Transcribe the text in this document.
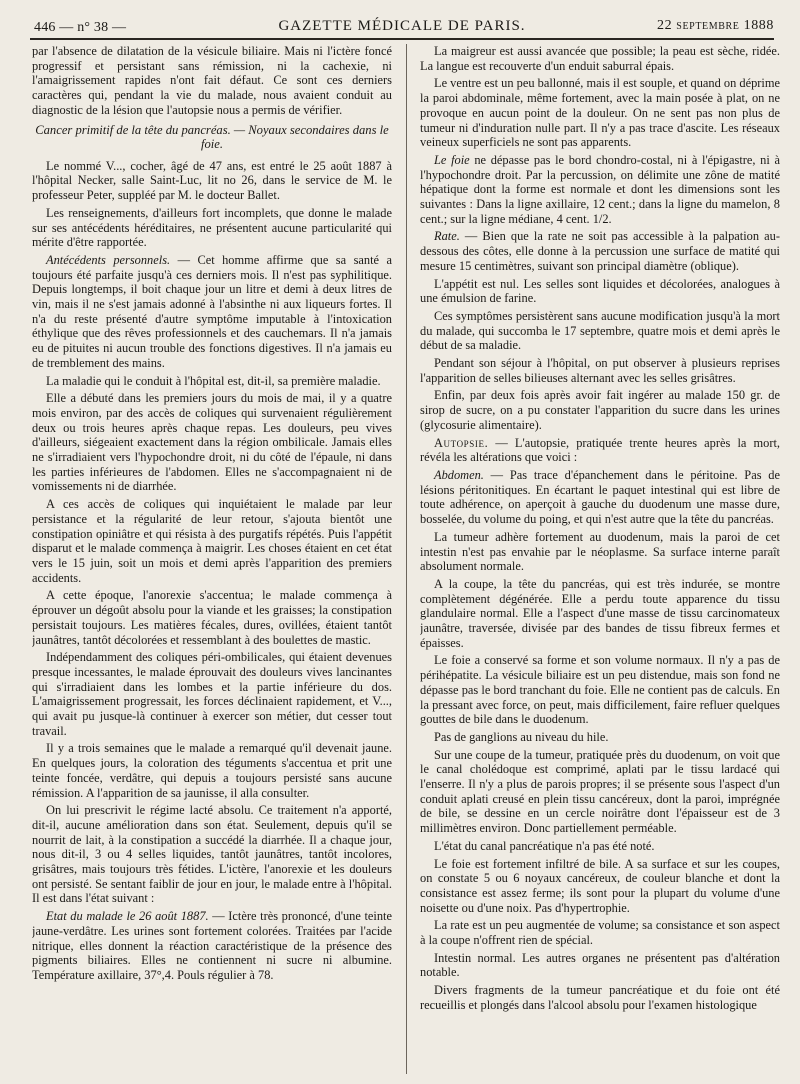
446 — n° 38 —	GAZETTE MÉDICALE DE PARIS.	22 septembre 1888

par l'absence de dilatation de la vésicule biliaire. Mais ni l'ictère foncé progressif et persistant sans rémission, ni la cachexie, ni l'amaigrissement rapides n'ont fait défaut. Ce sont ces derniers caractères qui, pendant la vie du malade, nous avaient conduit au diagnostic de la lésion que l'autopsie nous a permis de vérifier.

Cancer primitif de la tête du pancréas. — Noyaux secondaires dans le foie.

Le nommé V..., cocher, âgé de 47 ans, est entré le 25 août 1887 à l'hôpital Necker, salle Saint-Luc, lit no 26, dans le service de M. le professeur Peter, suppléé par M. le docteur Ballet.

Les renseignements, d'ailleurs fort incomplets, que donne le malade sur ses antécédents héréditaires, ne présentent aucune particularité qui mérite d'être rapportée.

Antécédents personnels. — Cet homme affirme que sa santé a toujours été parfaite jusqu'à ces derniers mois. Il n'est pas syphilitique. Depuis longtemps, il boit chaque jour un litre et demi à deux litres de vin, mais il ne s'est jamais adonné à l'absinthe ni aux liqueurs fortes. Il n'a du reste présenté d'autre symptôme imputable à l'intoxication éthylique que des rêves professionnels et des cauchemars. Il n'a jamais eu de pituites ni aucun trouble des fonctions digestives. Il n'a jamais eu de tremblement des mains.

La maladie qui le conduit à l'hôpital est, dit-il, sa première maladie.

Elle a débuté dans les premiers jours du mois de mai, il y a quatre mois environ, par des accès de coliques qui survenaient régulièrement deux ou trois heures après chaque repas. Les douleurs, peu vives d'ailleurs, siégeaient exactement dans la région ombilicale. Jamais elles ne s'irradiaient vers l'hypochondre droit, ni du côté de l'épaule, ni dans les parties inférieures de l'abdomen. Elles ne s'accompagnaient ni de vomissements ni de diarrhée.

A ces accès de coliques qui inquiétaient le malade par leur persistance et la régularité de leur retour, s'ajouta bientôt une constipation opiniâtre et qui résista à des purgatifs répétés. Puis l'appétit disparut et le malade commença à maigrir. Les choses étaient en cet état vers le 15 juin, soit un mois et demi après l'apparition des premiers accidents.

A cette époque, l'anorexie s'accentua; le malade commença à éprouver un dégoût absolu pour la viande et les graisses; la constipation persistait toujours. Les matières fécales, dures, ovillées, étaient tantôt jaunâtres, tantôt décolorées et ressemblant à des boulettes de mastic.

Indépendamment des coliques péri-ombilicales, qui étaient devenues presque incessantes, le malade éprouvait des douleurs vives lancinantes qui s'irradiaient dans les lombes et la partie inférieure du dos. L'amaigrissement progressait, les forces déclinaient rapidement, et V..., qui avait pu jusque-là continuer à exercer son métier, dut cesser tout travail.

Il y a trois semaines que le malade a remarqué qu'il devenait jaune. En quelques jours, la coloration des téguments s'accentua et prit une teinte foncée, verdâtre, qui depuis a toujours persisté sans aucune rémission. A l'apparition de sa jaunisse, il alla consulter.

On lui prescrivit le régime lacté absolu. Ce traitement n'a apporté, dit-il, aucune amélioration dans son état. Seulement, depuis qu'il se nourrit de lait, à la constipation a succédé la diarrhée. Il a chaque jour, nous dit-il, 3 ou 4 selles liquides, tantôt jaunâtres, tantôt incolores, grisâtres, mais toujours très fétides. L'ictère, l'anorexie et les douleurs ont persisté. Se sentant faiblir de jour en jour, le malade entre à l'hôpital. Il est dans l'état suivant :

Etat du malade le 26 août 1887. — Ictère très prononcé, d'une teinte jaune-verdâtre. Les urines sont fortement colorées. Traitées par l'acide nitrique, elles donnent la réaction caractéristique de la présence des pigments biliaires. Elles ne contiennent ni sucre ni albumine. Température axillaire, 37°,4. Pouls régulier à 78.

La maigreur est aussi avancée que possible; la peau est sèche, ridée. La langue est recouverte d'un enduit saburral épais.

Le ventre est un peu ballonné, mais il est souple, et quand on déprime la paroi abdominale, même fortement, avec la main posée à plat, on ne provoque en aucun point de la douleur. On ne sent pas non plus de tumeur ni d'induration nulle part. Il n'y a pas trace d'ascite. Les réseaux veineux superficiels ne sont pas apparents.

Le foie ne dépasse pas le bord chondro-costal, ni à l'épigastre, ni à l'hypochondre droit. Par la percussion, on délimite une zône de matité hépatique dont la forme est normale et dont les dimensions sont les suivantes : Dans la ligne axillaire, 12 cent.; dans la ligne du mamelon, 8 cent.; sur la ligne médiane, 4 cent. 1/2.

Rate. — Bien que la rate ne soit pas accessible à la palpation au-dessous des côtes, elle donne à la percussion une surface de matité qui mesure 15 centimètres, suivant son principal diamètre (oblique).

L'appétit est nul. Les selles sont liquides et décolorées, analogues à une émulsion de farine.

Ces symptômes persistèrent sans aucune modification jusqu'à la mort du malade, qui succomba le 17 septembre, quatre mois et demi après le début de sa maladie.

Pendant son séjour à l'hôpital, on put observer à plusieurs reprises l'apparition de selles bilieuses alternant avec les selles grisâtres.

Enfin, par deux fois après avoir fait ingérer au malade 150 gr. de sirop de sucre, on a pu constater l'apparition du sucre dans les urines (glycosurie alimentaire).

Autopsie. — L'autopsie, pratiquée trente heures après la mort, révéla les altérations que voici :

Abdomen. — Pas trace d'épanchement dans le péritoine. Pas de lésions péritonitiques. En écartant le paquet intestinal qui est libre de toute adhérence, on aperçoit à gauche du duodenum une masse dure, bosselée, du volume du poing, et qui n'est autre que la tête du pancréas.

La tumeur adhère fortement au duodenum, mais la paroi de cet intestin n'est pas envahie par le néoplasme. Sa surface interne paraît absolument normale.

A la coupe, la tête du pancréas, qui est très indurée, se montre complètement dégénérée. Elle a perdu toute apparence du tissu glandulaire normal. Elle a l'aspect d'une masse de tissu carcinomateux jaunâtre, traversée, divisée par des bandes de tissu fibreux fermes et épaisses.

Le foie a conservé sa forme et son volume normaux. Il n'y a pas de périhépatite. La vésicule biliaire est un peu distendue, mais son fond ne dépasse pas le bord tranchant du foie. Elle ne contient pas de calculs. En la pressant avec force, on peut, mais difficilement, faire refluer quelques gouttes de bile dans le duodenum.

Pas de ganglions au niveau du hile.

Sur une coupe de la tumeur, pratiquée près du duodenum, on voit que le canal cholédoque est comprimé, aplati par le tissu lardacé qui l'enserre. Il n'y a plus de parois propres; il se présente sous l'aspect d'un conduit aplati creusé en plein tissu cancéreux, dont la paroi, imprégnée de bile, se dessine en un cercle noirâtre dont l'épaisseur est de 3 millimètres environ. Donc partiellement perméable.

L'état du canal pancréatique n'a pas été noté.

Le foie est fortement infiltré de bile. A sa surface et sur les coupes, on constate 5 ou 6 noyaux cancéreux, de couleur blanche et dont la consistance est assez ferme; ils sont pour la plupart du volume d'une noisette ou d'une noix. Pas d'hypertrophie.

La rate est un peu augmentée de volume; sa consistance et son aspect à la coupe n'offrent rien de spécial.

Intestin normal. Les autres organes ne présentent pas d'altération notable.

Divers fragments de la tumeur pancréatique et du foie ont été recueillis et plongés dans l'alcool absolu pour l'examen histologique
